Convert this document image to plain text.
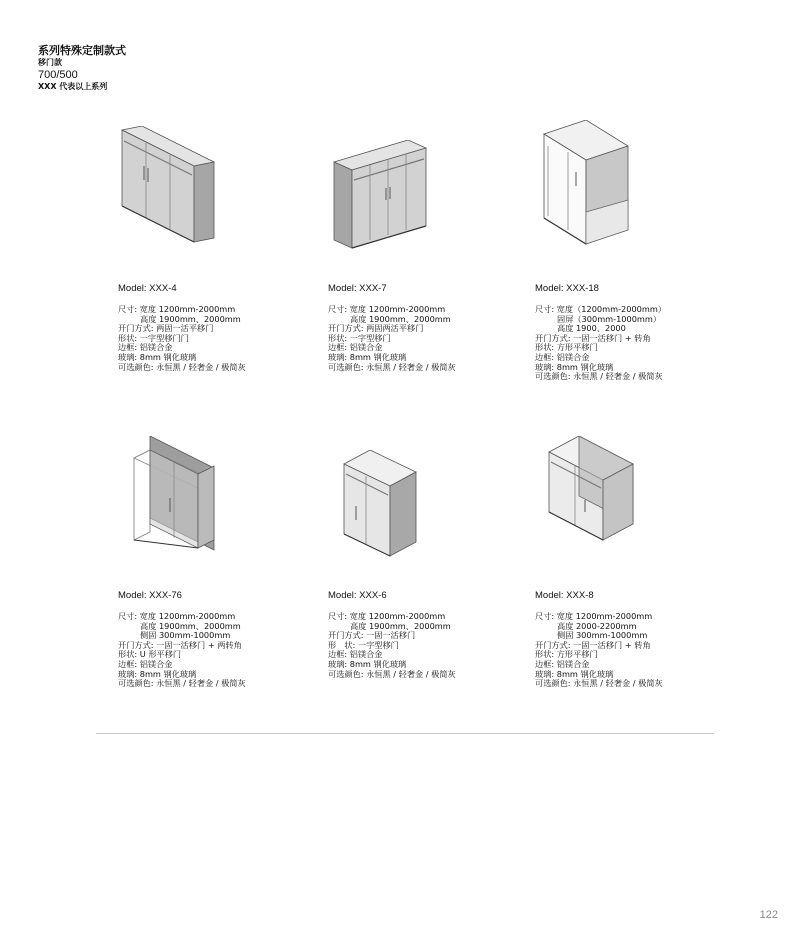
系列特殊定制款式
移门款
700/500
XXX 代表以上系列
Model: XXX-4
尺寸: 宽度 1200mm-2000mm
高度 1900mm、2000mm
开门方式: 两固一活平移门
形状: 一字型移门门
边框: 铝镁合金
玻璃: 8mm 钢化玻璃
可选颜色: 永恒黑 / 轻奢金 / 极简灰
Model: XXX-7
尺寸: 宽度 1200mm-2000mm
高度 1900mm、2000mm
开门方式: 两固两活平移门
形状: 一字型移门
边框: 铝镁合金
玻璃: 8mm 钢化玻璃
可选颜色: 永恒黑 / 轻奢金 / 极简灰
Model: XXX-18
尺寸: 宽度（1200mm-2000mm）
固屏（300mm-1000mm）
高度 1900、2000
开门方式: 一固一活移门 + 转角
形状: 方形平移门
边框: 铝镁合金
玻璃: 8mm 钢化玻璃
可选颜色: 永恒黑 / 轻奢金 / 极简灰
Model: XXX-76
尺寸: 宽度 1200mm-2000mm
高度 1900mm、2000mm
侧固 300mm-1000mm
开门方式: 一固一活移门 + 两转角
形状: U 形平移门
边框: 铝镁合金
玻璃: 8mm 钢化玻璃
可选颜色: 永恒黑 / 轻奢金 / 极简灰
Model: XXX-6
尺寸: 宽度 1200mm-2000mm
高度 1900mm、2000mm
开门方式: 一固一活移门
形　状: 一字型移门
边框: 铝镁合金
玻璃: 8mm 钢化玻璃
可选颜色: 永恒黑 / 轻奢金 / 极简灰
Model: XXX-8
尺寸: 宽度 1200mm-2000mm
高度 2000-2200mm
侧固 300mm-1000mm
开门方式: 一固一活移门 + 转角
形状: 方形平移门
边框: 铝镁合金
玻璃: 8mm 钢化玻璃
可选颜色: 永恒黑 / 轻奢金 / 极简灰
122
